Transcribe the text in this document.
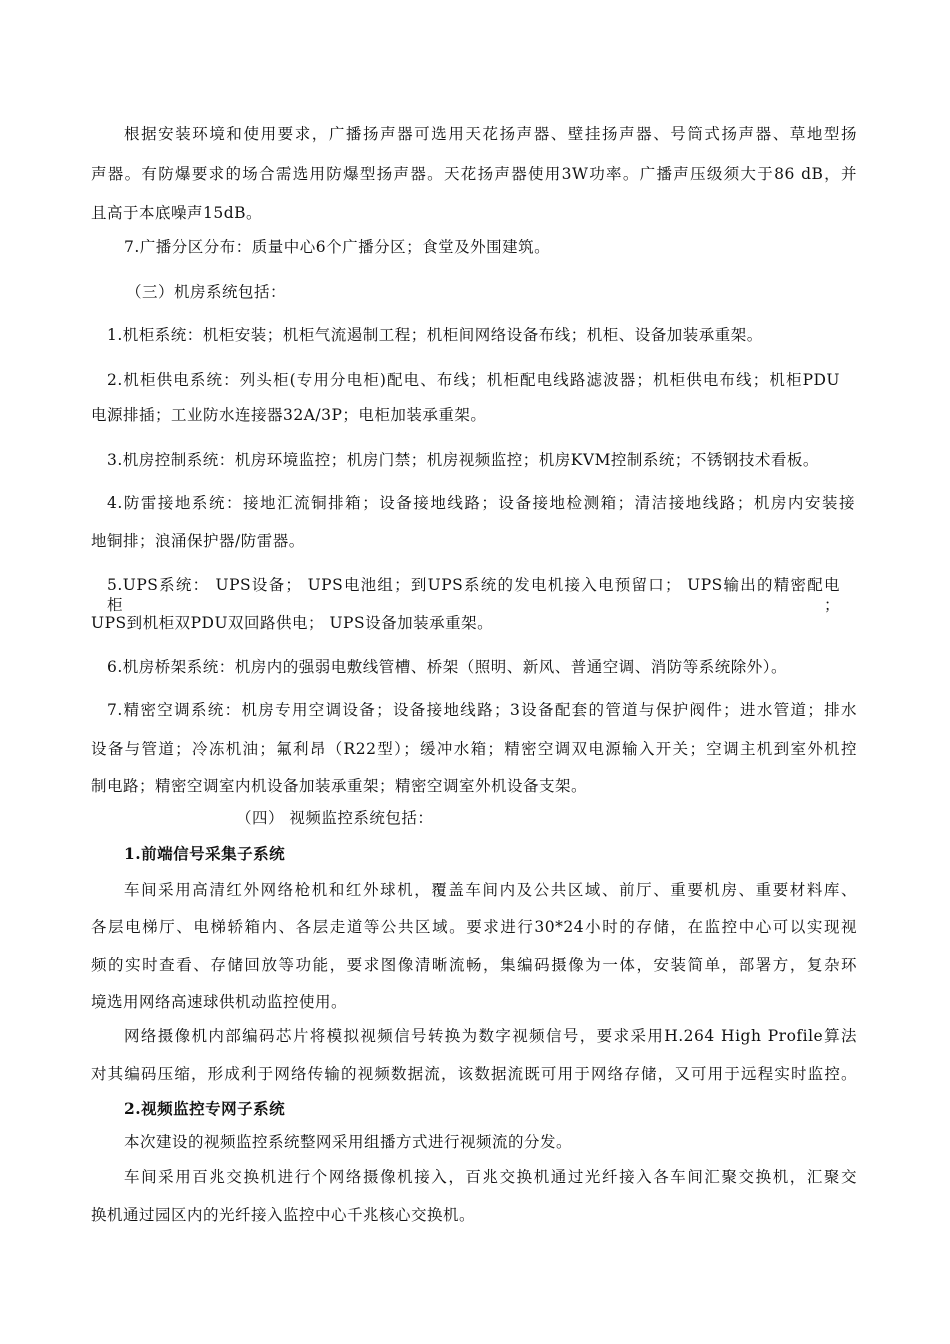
根据安装环境和使用要求，广播扬声器可选用天花扬声器、壁挂扬声器、号筒式扬声器、草地型扬
声器。有防爆要求的场合需选用防爆型扬声器。天花扬声器使用3W功率。广播声压级须大于86 dB，并
且高于本底噪声15dB。
7.广播分区分布：质量中心6个广播分区；食堂及外围建筑。
（三）机房系统包括：
1.机柜系统：机柜安装；机柜气流遏制工程；机柜间网络设备布线；机柜、设备加装承重架。
2.机柜供电系统：列头柜(专用分电柜)配电、布线；机柜配电线路滤波器；机柜供电布线；机柜PDU
电源排插；工业防水连接器32A/3P；电柜加装承重架。
3.机房控制系统：机房环境监控；机房门禁；机房视频监控；机房KVM控制系统；不锈钢技术看板。
4.防雷接地系统：接地汇流铜排箱；设备接地线路；设备接地检测箱；清洁接地线路；机房内安装接
地铜排；浪涌保护器/防雷器。
5.UPS系统： UPS设备； UPS电池组；到UPS系统的发电机接入电预留口； UPS输出的精密配电柜；
UPS到机柜双PDU双回路供电； UPS设备加装承重架。
6.机房桥架系统：机房内的强弱电敷线管槽、桥架（照明、新风、普通空调、消防等系统除外）。
7.精密空调系统：机房专用空调设备；设备接地线路；3设备配套的管道与保护阀件；进水管道；排水
设备与管道；冷冻机油；氟利昂（R22型）；缓冲水箱；精密空调双电源输入开关；空调主机到室外机控
制电路；精密空调室内机设备加装承重架；精密空调室外机设备支架。
（四） 视频监控系统包括：
1.前端信号采集子系统
车间采用高清红外网络枪机和红外球机，覆盖车间内及公共区域、前厅、重要机房、重要材料库、
各层电梯厅、电梯轿箱内、各层走道等公共区域。要求进行30*24小时的存储，在监控中心可以实现视
频的实时查看、存储回放等功能，要求图像清晰流畅，集编码摄像为一体，安装简单，部署方，复杂环
境选用网络高速球供机动监控使用。
网络摄像机内部编码芯片将模拟视频信号转换为数字视频信号，要求采用H.264 High Profile算法
对其编码压缩，形成利于网络传输的视频数据流，该数据流既可用于网络存储，又可用于远程实时监控。
2.视频监控专网子系统
本次建设的视频监控系统整网采用组播方式进行视频流的分发。
车间采用百兆交换机进行个网络摄像机接入，百兆交换机通过光纤接入各车间汇聚交换机，汇聚交
换机通过园区内的光纤接入监控中心千兆核心交换机。
